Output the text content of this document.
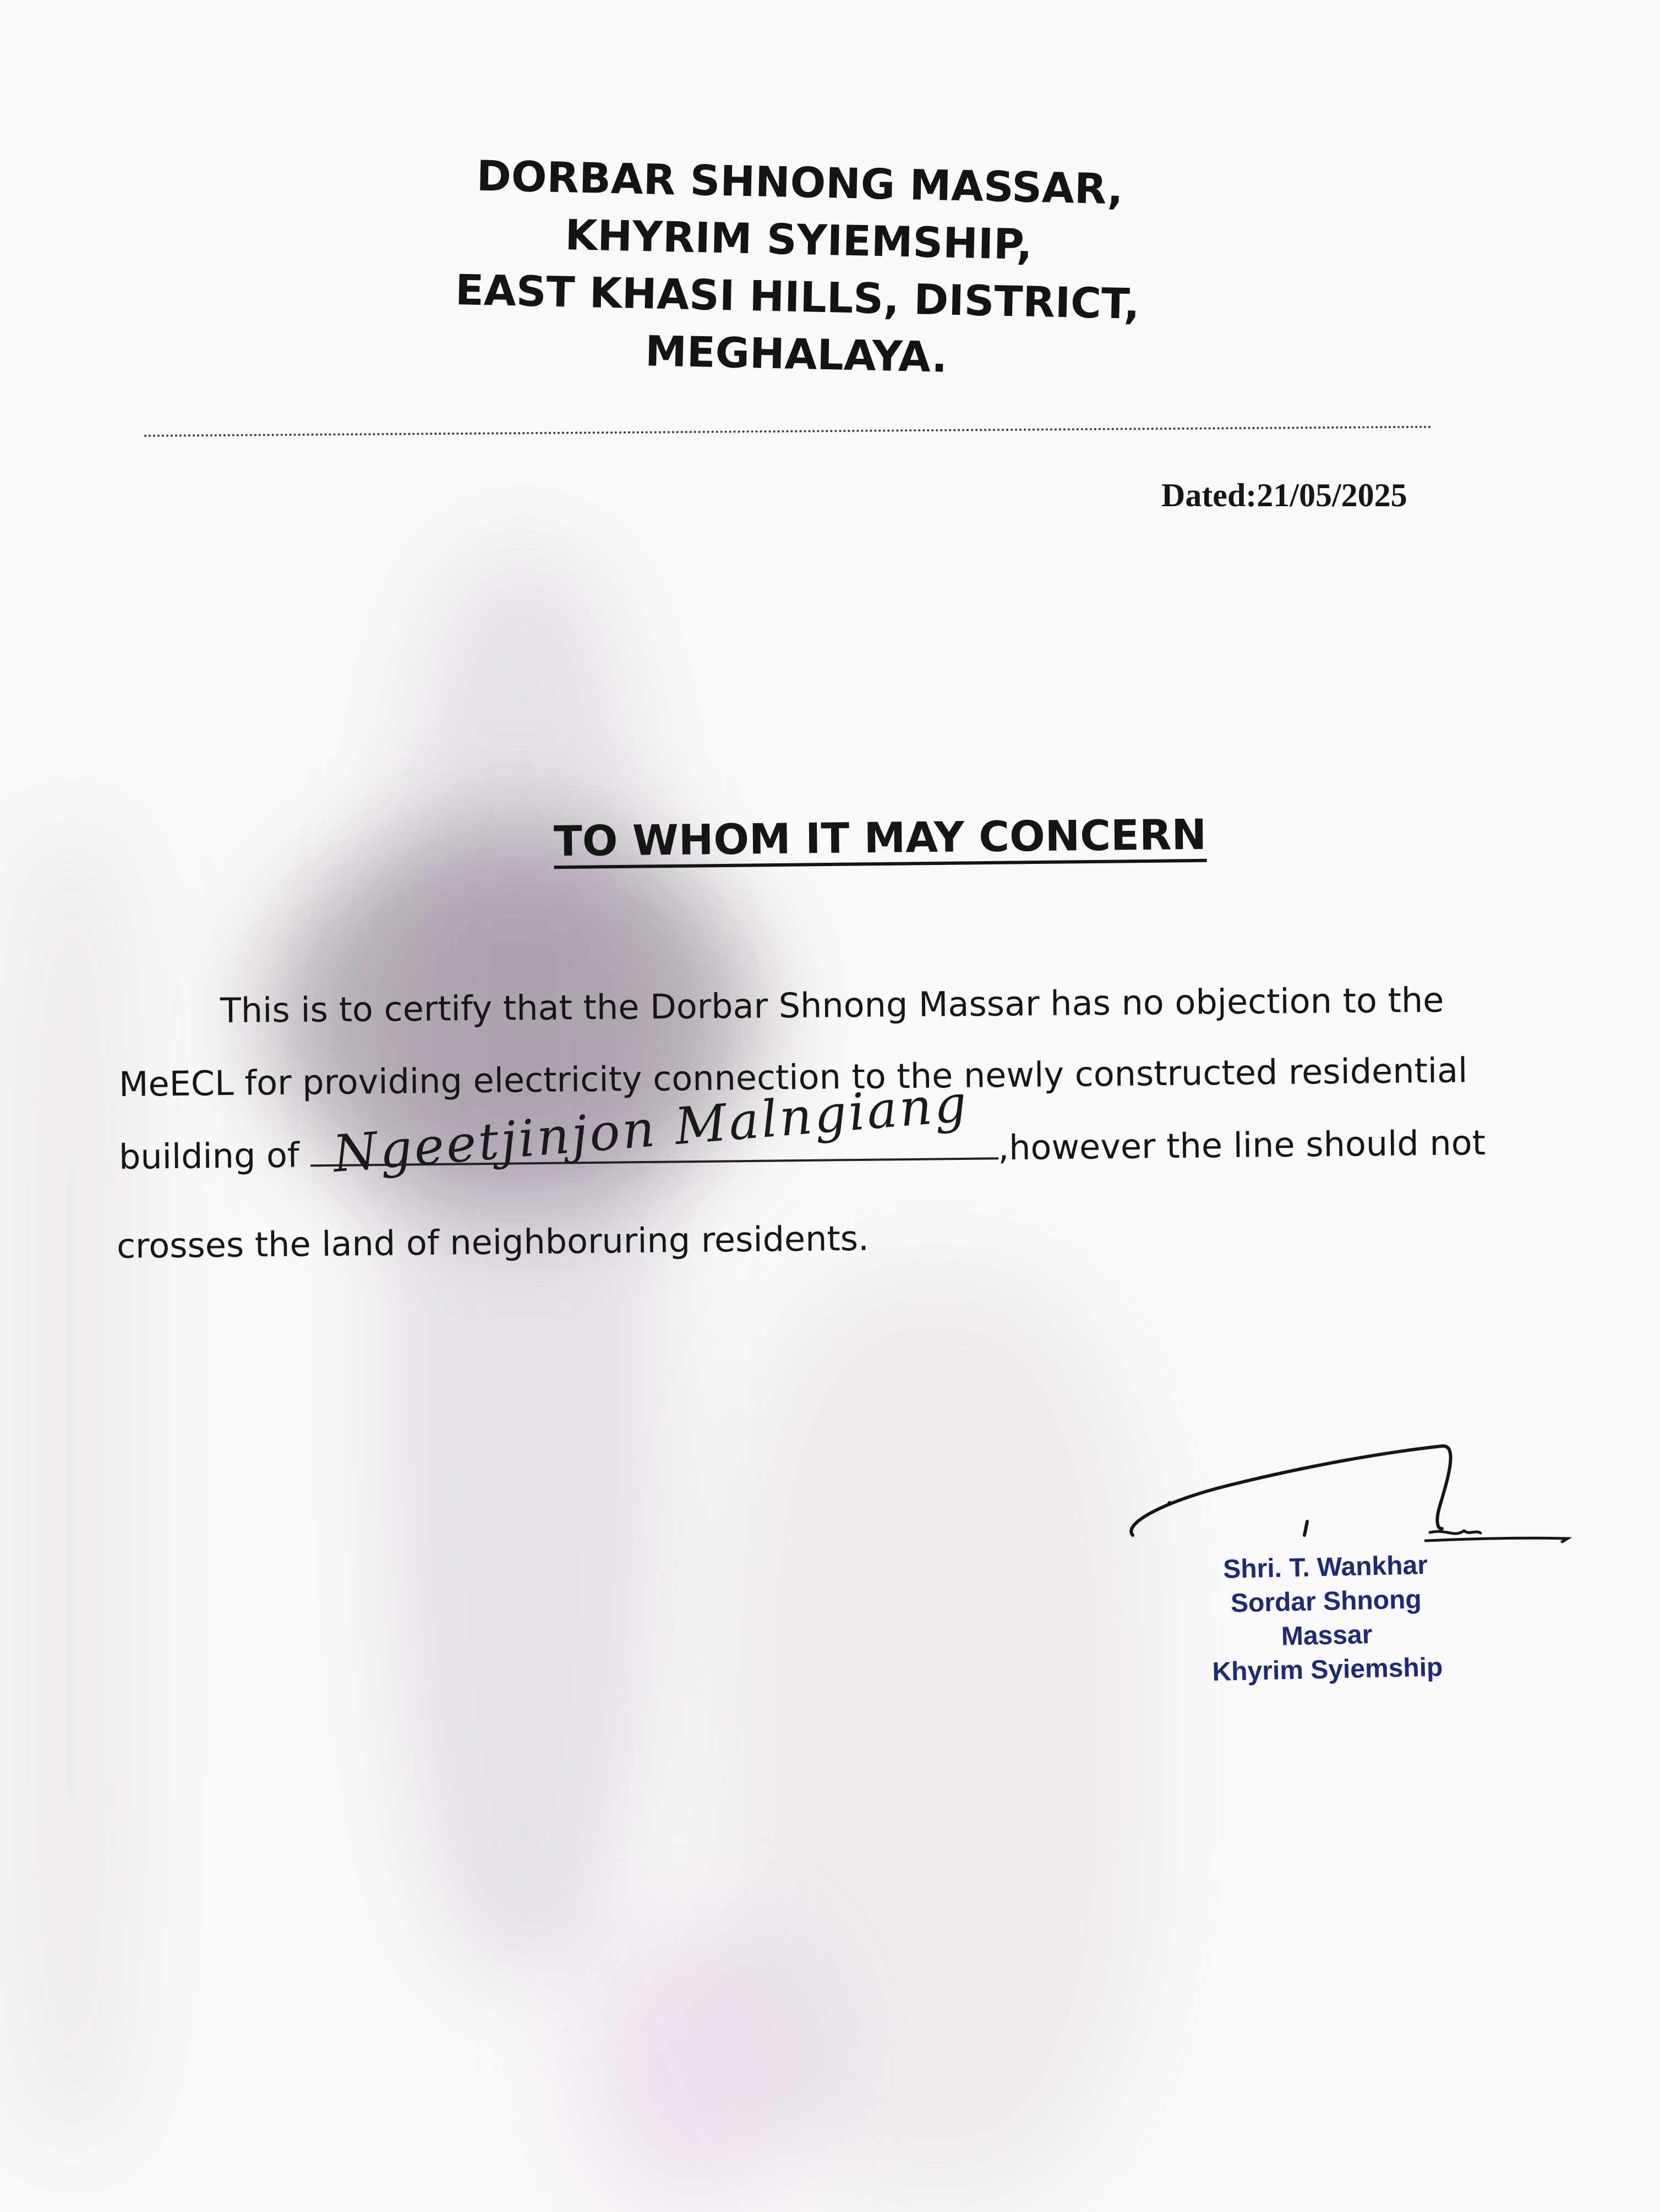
DORBAR SHNONG MASSAR,
KHYRIM SYIEMSHIP,
EAST KHASI HILLS, DISTRICT,
MEGHALAYA.
Dated:21/05/2025
TO WHOM IT MAY CONCERN
This is to certify that the Dorbar Shnong Massar has no objection to the
MeECL for providing electricity connection to the newly constructed residential
building of Ngeetjinjon Malngiang ,however the line should not
crosses the land of neighboruring residents.
Shri. T. Wankhar
Sordar Shnong
Massar
Khyrim Syiemship
